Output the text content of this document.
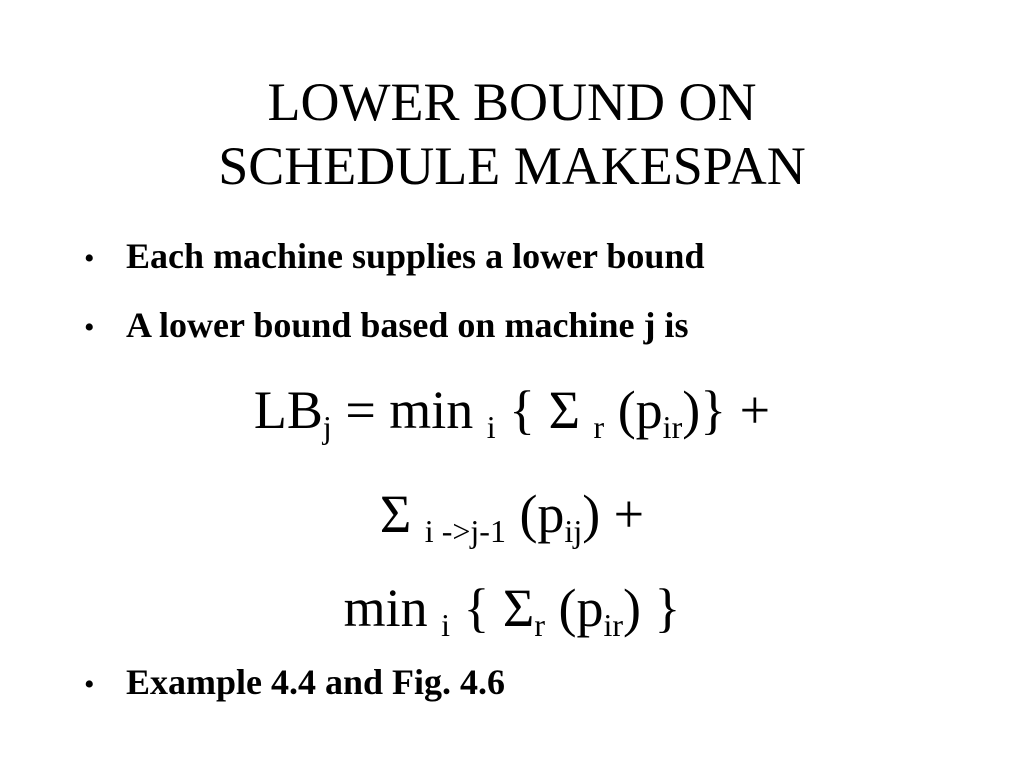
LOWER BOUND ON
SCHEDULE MAKESPAN
• Each machine supplies a lower bound
• A lower bound based on machine j is
$LB_j = \min _i$ { Σ $_r$ $(p_{ir})$} +
Σ $_{i ->j-1}$ $(p_{ij})$ +
min $_i$ { $\Sigma_r$ $(p_{ir})$ }
• Example 4.4 and Fig. 4.6
